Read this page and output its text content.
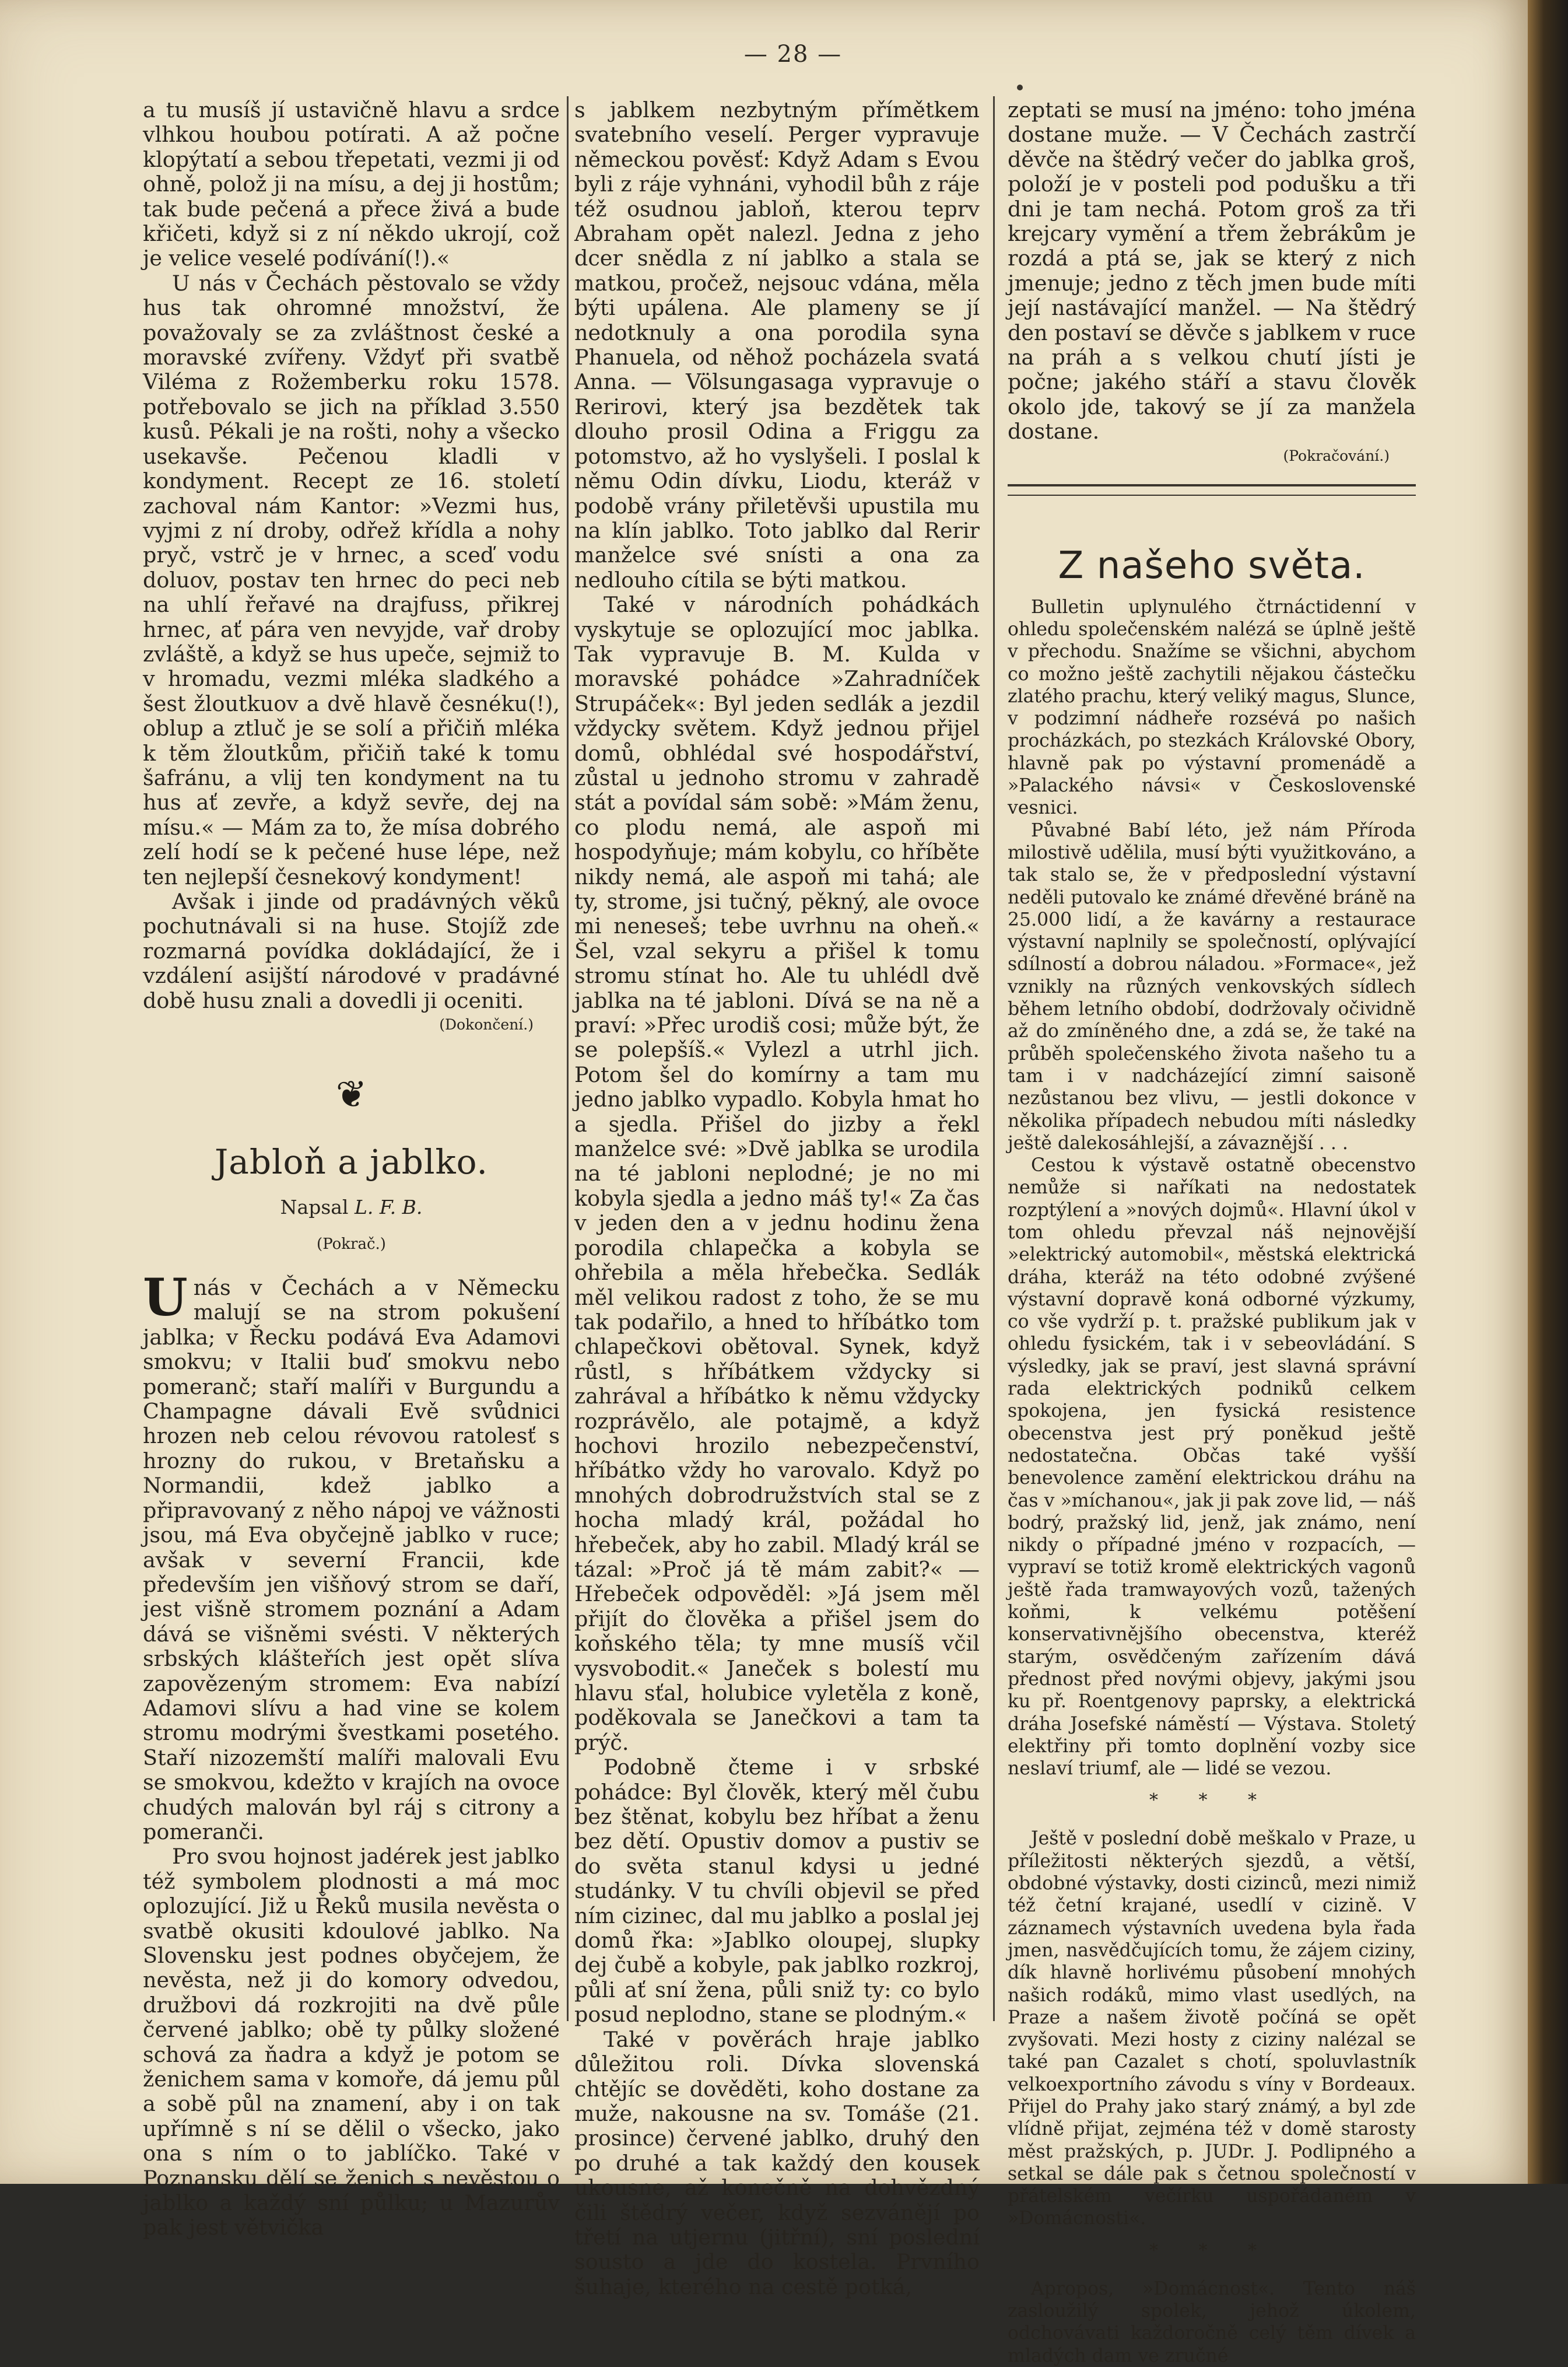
— 28 —

a tu musíš jí ustavičně hlavu a srdce vlhkou houbou potírati. A až počne klopýtatí a sebou třepetati, vezmi ji od ohně, polož ji na mísu, a dej ji hostům; tak bude pečená a přece živá a bude křičeti, když si z ní někdo ukrojí, což je velice veselé podívání(!).«

U nás v Čechách pěstovalo se vždy hus tak ohromné množství, že považovaly se za zvláštnost české a moravské zvířeny. Vždyť při svatbě Viléma z Rožemberku roku 1578. potřebovalo se jich na příklad 3.550 kusů. Pékali je na rošti, nohy a všecko usekavše. Pečenou kladli v kondyment. Recept ze 16. století zachoval nám Kantor: »Vezmi hus, vyjmi z ní droby, odřež křídla a nohy pryč, vstrč je v hrnec, a sceď vodu doluov, postav ten hrnec do peci neb na uhlí řeřavé na drajfuss, přikrej hrnec, ať pára ven nevyjde, vař droby zvláště, a když se hus upeče, sejmiž to v hromadu, vezmi mléka sladkého a šest žloutkuov a dvě hlavě česnéku(!), oblup a ztluč je se solí a přičiň mléka k těm žloutkům, přičiň také k tomu šafránu, a vlij ten kondyment na tu hus ať zevře, a když sevře, dej na mísu.« — Mám za to, že mísa dobrého zelí hodí se k pečené huse lépe, než ten nejlepší česnekový kondyment!

Avšak i jinde od pradávných věků pochutnávali si na huse. Stojíž zde rozmarná povídka dokládající, že i vzdálení asijští národové v pradávné době husu znali a dovedli ji oceniti.

(Dokončení.)
❦
Jabloň a jablko.
Napsal L. F. B.
(Pokrač.)

Unás v Čechách a v Německu malují se na strom pokušení jablka; v Řecku podává Eva Adamovi smokvu; v Italii buď smokvu nebo pomeranč; staří malíři v Burgundu a Champagne dávali Evě svůdnici hrozen neb celou révovou ratolesť s hrozny do rukou, v Bretaňsku a Normandii, kdež jablko a připravovaný z něho nápoj ve vážnosti jsou, má Eva obyčejně jablko v ruce; avšak v severní Francii, kde především jen višňový strom se daří, jest višně stromem poznání a Adam dává se višněmi svésti. V některých srbských klášteřích jest opět slíva zapovězeným stromem: Eva nabízí Adamovi slívu a had vine se kolem stromu modrými švestkami posetého. Staří nizozemští malíři malovali Evu se smokvou, kdežto v krajích na ovoce chudých malován byl ráj s citrony a pomeranči.

Pro svou hojnost jadérek jest jablko též symbolem plodnosti a má moc oplozující. Již u Řeků musila nevěsta o svatbě okusiti kdoulové jablko. Na Slovensku jest podnes obyčejem, že nevěsta, než ji do komory odvedou, družbovi dá rozkrojiti na dvě půle červené jablko; obě ty půlky složené schová za ňadra a když je potom se ženichem sama v komoře, dá jemu půl a sobě půl na znamení, aby i on tak upřímně s ní se dělil o všecko, jako ona s ním o to jablíčko. Také v Poznansku dělí se ženich s nevěstou o jablko a každý sní půlku; u Mazurův pak jest větvička

s jablkem nezbytným přímětkem svatebního veselí. Perger vypravuje německou pověsť: Když Adam s Evou byli z ráje vyhnáni, vyhodil bůh z ráje též osudnou jabloň, kterou teprv Abraham opět nalezl. Jedna z jeho dcer snědla z ní jablko a stala se matkou, pročež, nejsouc vdána, měla býti upálena. Ale plameny se jí nedotknuly a ona porodila syna Phanuela, od něhož pocházela svatá Anna. — Völsungasaga vypravuje o Rerirovi, který jsa bezdětek tak dlouho prosil Odina a Friggu za potomstvo, až ho vyslyšeli. I poslal k němu Odin dívku, Liodu, kteráž v podobě vrány přiletěvši upustila mu na klín jablko. Toto jablko dal Rerir manželce své snísti a ona za nedlouho cítila se býti matkou.

Také v národních pohádkách vyskytuje se oplozující moc jablka. Tak vypravuje B. M. Kulda v moravské pohádce »Zahradníček Strupáček«: Byl jeden sedlák a jezdil vždycky světem. Když jednou přijel domů, obhlédal své hospodářství, zůstal u jednoho stromu v zahradě stát a povídal sám sobě: »Mám ženu, co plodu nemá, ale aspoň mi hospodyňuje; mám kobylu, co hříběte nikdy nemá, ale aspoň mi tahá; ale ty, strome, jsi tučný, pěkný, ale ovoce mi neneseš; tebe uvrhnu na oheň.« Šel, vzal sekyru a přišel k tomu stromu stínat ho. Ale tu uhlédl dvě jablka na té jabloni. Dívá se na ně a praví: »Přec urodiš cosi; může být, že se polepšíš.« Vylezl a utrhl jich. Potom šel do komírny a tam mu jedno jablko vypadlo. Kobyla hmat ho a sjedla. Přišel do jizby a řekl manželce své: »Dvě jablka se urodila na té jabloni neplodné; je no mi kobyla sjedla a jedno máš ty!« Za čas v jeden den a v jednu hodinu žena porodila chlapečka a kobyla se ohřebila a měla hřebečka. Sedlák měl velikou radost z toho, že se mu tak podařilo, a hned to hříbátko tom chlapečkovi obětoval. Synek, když růstl, s hříbátkem vždycky si zahrával a hříbátko k němu vždycky rozprávělo, ale potajmě, a když hochovi hrozilo nebezpečenství, hříbátko vždy ho varovalo. Když po mnohých dobrodružstvích stal se z hocha mladý král, požádal ho hřebeček, aby ho zabil. Mladý král se tázal: »Proč já tě mám zabit?« — Hřebeček odpověděl: »Já jsem měl přijít do člověka a přišel jsem do koňského těla; ty mne musíš včil vysvobodit.« Janeček s bolestí mu hlavu sťal, holubice vyletěla z koně, poděkovala se Janečkovi a tam ta prýč.

Podobně čteme i v srbské pohádce: Byl člověk, který měl čubu bez štěnat, kobylu bez hříbat a ženu bez dětí. Opustiv domov a pustiv se do světa stanul kdysi u jedné studánky. V tu chvíli objevil se před ním cizinec, dal mu jablko a poslal jej domů řka: »Jablko oloupej, slupky dej čubě a kobyle, pak jablko rozkroj, půli ať sní žena, půli sniž ty: co bylo posud neplodno, stane se plodným.«

Také v pověrách hraje jablko důležitou roli. Dívka slovenská chtějíc se dověděti, koho dostane za muže, nakousne na sv. Tomáše (21. prosince) červené jablko, druhý den po druhé a tak každý den kousek ukousne, až konečně na dohvězdný čili štědrý večer, když sezvánějí po třetí na utjernu (jitřní), sní poslední sousto a jde do kostela. Prvního šuhaje, kterého na cestě potká,

zeptati se musí na jméno: toho jména dostane muže. — V Čechách zastrčí děvče na štědrý večer do jablka groš, položí je v posteli pod podušku a tři dni je tam nechá. Potom groš za tři krejcary vymění a třem žebrákům je rozdá a ptá se, jak se který z nich jmenuje; jedno z těch jmen bude míti její nastávající manžel. — Na štědrý den postaví se děvče s jablkem v ruce na práh a s velkou chutí jísti je počne; jakého stáří a stavu člověk okolo jde, takový se jí za manžela dostane.

(Pokračování.)
Z našeho světa.

Bulletin uplynulého čtrnáctidenní v ohledu společenském nalézá se úplně ještě v přechodu. Snažíme se všichni, abychom co možno ještě zachytili nějakou částečku zlatého prachu, který veliký magus, Slunce, v podzimní nádheře rozsévá po našich procházkách, po stezkách Královské Obory, hlavně pak po výstavní promenádě a »Palackého návsi« v Československé vesnici.

Půvabné Babí léto, jež nám Příroda milostivě udělila, musí býti využitkováno, a tak stalo se, že v předposlední výstavní neděli putovalo ke známé dřevěné bráně na 25.000 lidí, a že kavárny a restaurace výstavní naplnily se společností, oplývající sdílností a dobrou náladou. »Formace«, jež vznikly na různých venkovských sídlech během letního období, dodržovaly očividně až do zmíněného dne, a zdá se, že také na průběh společenského života našeho tu a tam i v nadcházející zimní saisoně nezůstanou bez vlivu, — jestli dokonce v několika případech nebudou míti následky ještě dalekosáhlejší, a závaznější . . .

Cestou k výstavě ostatně obecenstvo nemůže si naříkati na nedostatek rozptýlení a »nových dojmů«. Hlavní úkol v tom ohledu převzal náš nejnovější »elektrický automobil«, městská elektrická dráha, kteráž na této odobné zvýšené výstavní dopravě koná odborné výzkumy, co vše vydrží p. t. pražské publikum jak v ohledu fysickém, tak i v sebeovládání. S výsledky, jak se praví, jest slavná správní rada elektrických podniků celkem spokojena, jen fysická resistence obecenstva jest prý poněkud ještě nedostatečna. Občas také vyšší benevolence zamění elektrickou dráhu na čas v »míchanou«, jak ji pak zove lid, — náš bodrý, pražský lid, jenž, jak známo, není nikdy o případné jméno v rozpacích, — vypraví se totiž kromě elektrických vagonů ještě řada tramwayových vozů, tažených koňmi, k velkému potěšení konservativnějšího obecenstva, kteréž starým, osvědčeným zařízením dává přednost před novými objevy, jakými jsou ku př. Roentgenovy paprsky, a elektrická dráha Josefské náměstí — Výstava. Stoletý elektřiny při tomto doplnění vozby sice neslaví triumf, ale — lidé se vezou.

* * *

Ještě v poslední době meškalo v Praze, u příležitosti některých sjezdů, a větší, obdobné výstavky, dosti cizinců, mezi nimiž též četní krajané, usedlí v cizině. V záznamech výstavních uvedena byla řada jmen, nasvědčujících tomu, že zájem ciziny, dík hlavně horlivému působení mnohých našich rodáků, mimo vlast usedlých, na Praze a našem životě počíná se opět zvyšovati. Mezi hosty z ciziny nalézal se také pan Cazalet s chotí, spoluvlastník velkoexportního závodu s víny v Bordeaux. Přijel do Prahy jako starý známý, a byl zde vlídně přijat, zejména též v domě starosty měst pražských, p. JUDr. J. Podlipného a setkal se dále pak s četnou společností v přátelském večírku uspořádaném v »Domácnosti«.

* * *

Apropos, »Domácnost«. Tento náš zasloužilý spolek, jehož úkolem, odchovávati každoročně celý těm dívek a mladých dam ve zručné
